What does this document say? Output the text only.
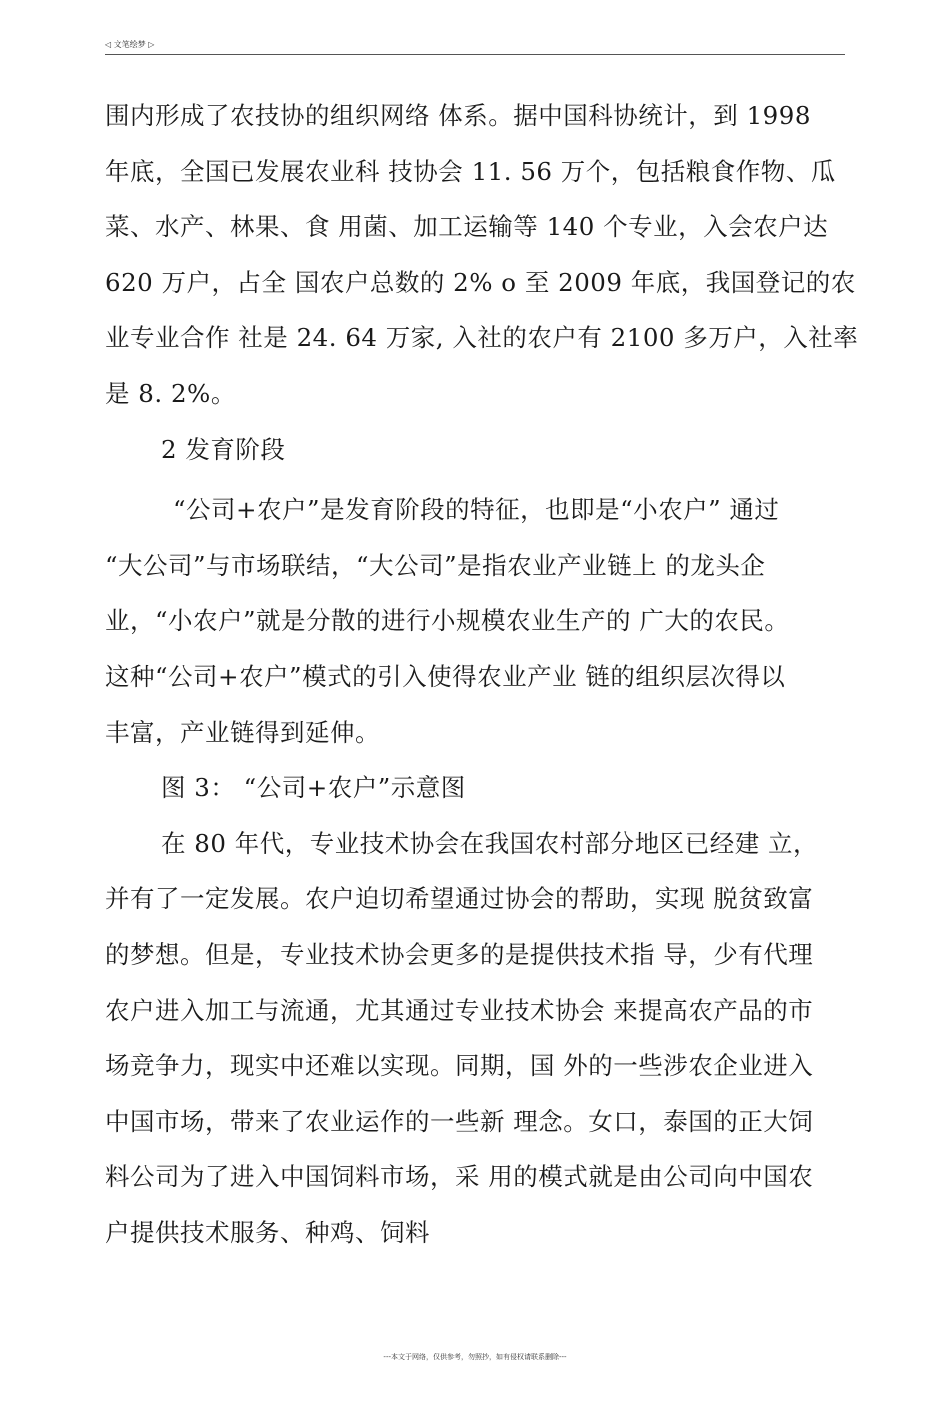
◁ 文笔绘梦 ▷
围内形成了农技协的组织网络 体系。据中国科协统计，到 1998
年底，全国已发展农业科 技协会 11. 56 万个，包括粮食作物、瓜
菜、水产、林果、食 用菌、加工运输等 140 个专业，入会农户达
620 万户，占全 国农户总数的 2% o 至 2009 年底，我国登记的农
业专业合作 社是 24. 64 万家, 入社的农户有 2100 多万户，入社率
是 8. 2%。
2 发育阶段
“公司+农户”是发育阶段的特征，也即是“小农户” 通过
“大公司”与市场联结，“大公司”是指农业产业链上 的龙头企
业，“小农户”就是分散的进行小规模农业生产的 广大的农民。
这种“公司+农户”模式的引入使得农业产业 链的组织层次得以
丰富，产业链得到延伸。
图 3： “公司+农户”示意图
在 80 年代，专业技术协会在我国农村部分地区已经建 立，
并有了一定发展。农户迫切希望通过协会的帮助，实现 脱贫致富
的梦想。但是，专业技术协会更多的是提供技术指 导，少有代理
农户进入加工与流通，尤其通过专业技术协会 来提高农产品的市
场竞争力，现实中还难以实现。同期，国 外的一些涉农企业进入
中国市场，带来了农业运作的一些新 理念。女口，泰国的正大饲
料公司为了进入中国饲料市场，采 用的模式就是由公司向中国农
户提供技术服务、种鸡、饲料
---本文于网络，仅供参考，勿照抄，如有侵权请联系删除---
